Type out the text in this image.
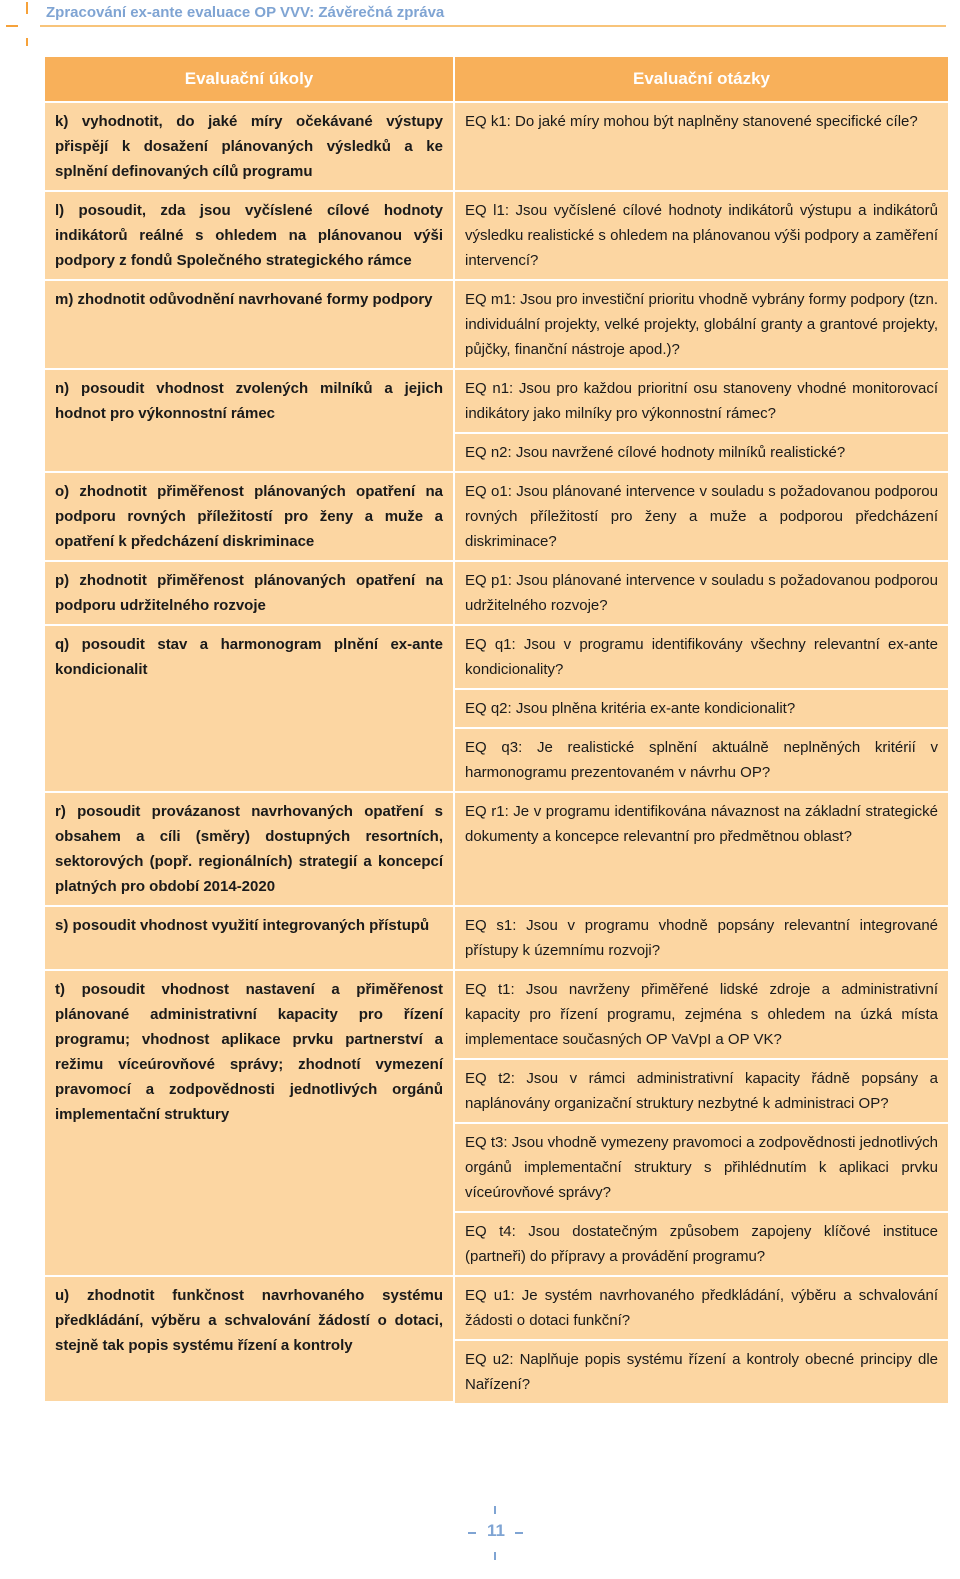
Zpracování ex-ante evaluace OP VVV: Závěrečná zpráva
Evaluační úkoly	Evaluační otázky
k) vyhodnotit, do jaké míry očekávané výstupy přispějí k dosažení plánovaných výsledků a ke splnění definovaných cílů programu	EQ k1: Do jaké míry mohou být naplněny stanovené specifické cíle?
l) posoudit, zda jsou vyčíslené cílové hodnoty indikátorů reálné s ohledem na plánovanou výši podpory z fondů Společného strategického rámce	EQ l1: Jsou vyčíslené cílové hodnoty indikátorů výstupu a indikátorů výsledku realistické s ohledem na plánovanou výši podpory a zaměření intervencí?
m) zhodnotit odůvodnění navrhované formy podpory	EQ m1: Jsou pro investiční prioritu vhodně vybrány formy podpory (tzn. individuální projekty, velké projekty, globální granty a grantové projekty, půjčky, finanční nástroje apod.)?
n) posoudit vhodnost zvolených milníků a jejich hodnot pro výkonnostní rámec	EQ n1: Jsou pro každou prioritní osu stanoveny vhodné monitorovací indikátory jako milníky pro výkonnostní rámec?
	EQ n2: Jsou navržené cílové hodnoty milníků realistické?
o) zhodnotit přiměřenost plánovaných opatření na podporu rovných příležitostí pro ženy a muže a opatření k předcházení diskriminace	EQ o1: Jsou plánované intervence v souladu s požadovanou podporou rovných příležitostí pro ženy a muže a podporou předcházení diskriminace?
p) zhodnotit přiměřenost plánovaných opatření na podporu udržitelného rozvoje	EQ p1: Jsou plánované intervence v souladu s požadovanou podporou udržitelného rozvoje?
q) posoudit stav a harmonogram plnění ex-ante kondicionalit	EQ q1: Jsou v programu identifikovány všechny relevantní ex-ante kondicionality?
	EQ q2: Jsou plněna kritéria ex-ante kondicionalit?
	EQ q3: Je realistické splnění aktuálně neplněných kritérií v harmonogramu prezentovaném v návrhu OP?
r) posoudit provázanost navrhovaných opatření s obsahem a cíli (směry) dostupných resortních, sektorových (popř. regionálních) strategií a koncepcí platných pro období 2014-2020	EQ r1: Je v programu identifikována návaznost na základní strategické dokumenty a koncepce relevantní pro předmětnou oblast?
s) posoudit vhodnost využití integrovaných přístupů	EQ s1: Jsou v programu vhodně popsány relevantní integrované přístupy k územnímu rozvoji?
t) posoudit vhodnost nastavení a přiměřenost plánované administrativní kapacity pro řízení programu; vhodnost aplikace prvku partnerství a režimu víceúrovňové správy; zhodnotí vymezení pravomocí a zodpovědnosti jednotlivých orgánů implementační struktury	EQ t1: Jsou navrženy přiměřené lidské zdroje a administrativní kapacity pro řízení programu, zejména s ohledem na úzká místa implementace současných OP VaVpI a OP VK?
	EQ t2: Jsou v rámci administrativní kapacity řádně popsány a naplánovány organizační struktury nezbytné k administraci OP?
	EQ t3: Jsou vhodně vymezeny pravomoci a zodpovědnosti jednotlivých orgánů implementační struktury s přihlédnutím k aplikaci prvku víceúrovňové správy?
	EQ t4: Jsou dostatečným způsobem zapojeny klíčové instituce (partneři) do přípravy a provádění programu?
u) zhodnotit funkčnost navrhovaného systému předkládání, výběru a schvalování žádostí o dotaci, stejně tak popis systému řízení a kontroly	EQ u1: Je systém navrhovaného předkládání, výběru a schvalování žádosti o dotaci funkční?
	EQ u2: Naplňuje popis systému řízení a kontroly obecné principy dle Nařízení?
11
